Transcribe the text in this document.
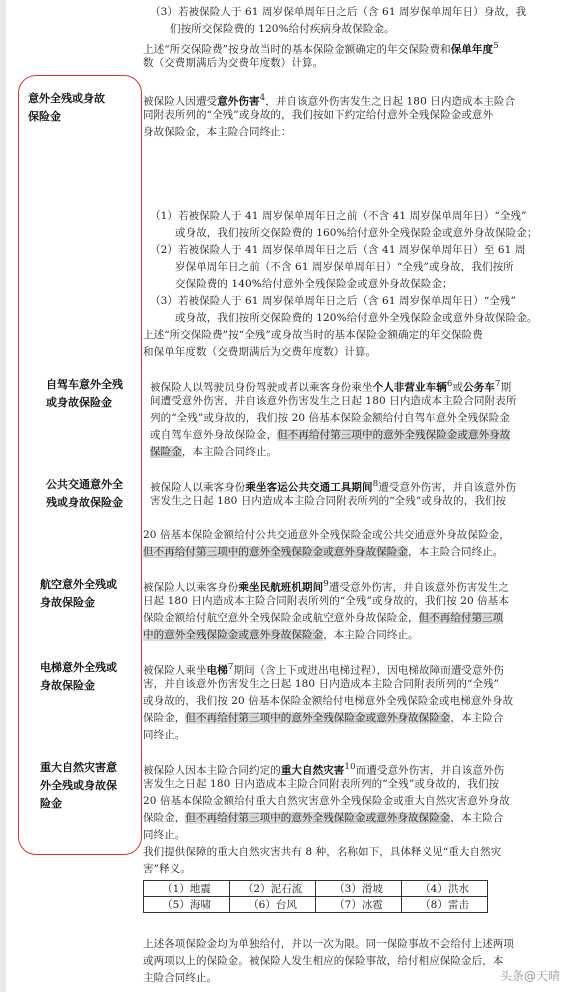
（3）若被保险人于 61 周岁保单周年日之后（含 61 周岁保单周年日）身故，我
们按所交保险费的 120%给付疾病身故保险金。
上述“所交保险费”按身故当时的基本保险金额确定的年交保险费和保单年度$^5$
数（交费期满后为交费年度数）计算。
意外全残或身故
保险金
被保险人因遭受意外伤害$^4$，并自该意外伤害发生之日起 180 日内造成本主险合
同附表所列的“全残”或身故的，我们按如下约定给付意外全残保险金或意外
身故保险金，本主险合同终止：
（1）若被保险人于 41 周岁保单周年日之前（不含 41 周岁保单周年日）“全残”
或身故，我们按所交保险费的 160%给付意外全残保险金或意外身故保险金；
（2）若被保险人于 41 周岁保单周年日之后（含 41 周岁保单周年日）至 61 周
岁保单周年日之前（不含 61 周岁保单周年日）“全残”或身故，我们按所
交保险费的 140%给付意外全残保险金或意外身故保险金；
（3）若被保险人于 61 周岁保单周年日之后（含 61 周岁保单周年日）“全残”
或身故，我们按所交保险费的 120%给付意外全残保险金或意外身故保险金。
上述“所交保险费”按“全残”或身故当时的基本保险金额确定的年交保险费
和保单年度数（交费期满后为交费年度数）计算。
自驾车意外全残
或身故保险金
被保险人以驾驶员身份驾驶或者以乘客身份乘坐个人非营业车辆$^6$或公务车$^7$期
间遭受意外伤害，并自该意外伤害发生之日起 180 日内造成本主险合同附表所
列的“全残”或身故的，我们按 20 倍基本保险金额给付自驾车意外全残保险金
或自驾车意外身故保险金，但不再给付第三项中的意外全残保险金或意外身故
保险金，本主险合同终止。
公共交通意外全
残或身故保险金
被保险人以乘客身份乘坐客运公共交通工具期间$^8$遭受意外伤害，并自该意外伤
害发生之日起 180 日内造成本主险合同附表所列的“全残”或身故的，我们按
20 倍基本保险金额给付公共交通意外全残保险金或公共交通意外身故保险金，
但不再给付第三项中的意外全残保险金或意外身故保险金，本主险合同终止。
航空意外全残或
身故保险金
被保险人以乘客身份乘坐民航班机期间$^9$遭受意外伤害，并自该意外伤害发生之
日起 180 日内造成本主险合同附表所列的“全残”或身故的，我们按 20 倍基本
保险金额给付航空意外全残保险金或航空意外身故保险金，但不再给付第三项
中的意外全残保险金或意外身故保险金，本主险合同终止。
电梯意外全残或
身故保险金
被保险人乘坐电梯$^7$期间（含上下或进出电梯过程），因电梯故障而遭受意外伤
害，并自该意外伤害发生之日起 180 日内造成本主险合同附表所列的“全残”
或身故的，我们按 20 倍基本保险金额给付电梯意外全残保险金或电梯意外身故
保险金，但不再给付第三项中的意外全残保险金或意外身故保险金，本主险合
同终止。
重大自然灾害意
外全残或身故保
险金
被保险人因本主险合同约定的重大自然灾害$^{10}$而遭受意外伤害，并自该意外伤
害发生之日起 180 日内造成本主险合同附表所列的“全残”或身故的，我们按
20 倍基本保险金额给付重大自然灾害意外全残保险金或重大自然灾害意外身故
保险金，但不再给付第三项中的意外全残保险金或意外身故保险金，本主险合
同终止。
我们提供保障的重大自然灾害共有 8 种，名称如下，具体释义见“重大自然灾
害”释义。
（1）地震	（2）泥石流	（3）滑坡	（4）洪水
（5）海啸	（6）台风	（7）冰雹	（8）雷击
上述各项保险金均为单独给付，并以一次为限。同一保险事故不会给付上述两项
或两项以上的保险金。被保险人发生相应的保险事故，给付相应保险金后，本
主险合同终止。	头条@天晴
